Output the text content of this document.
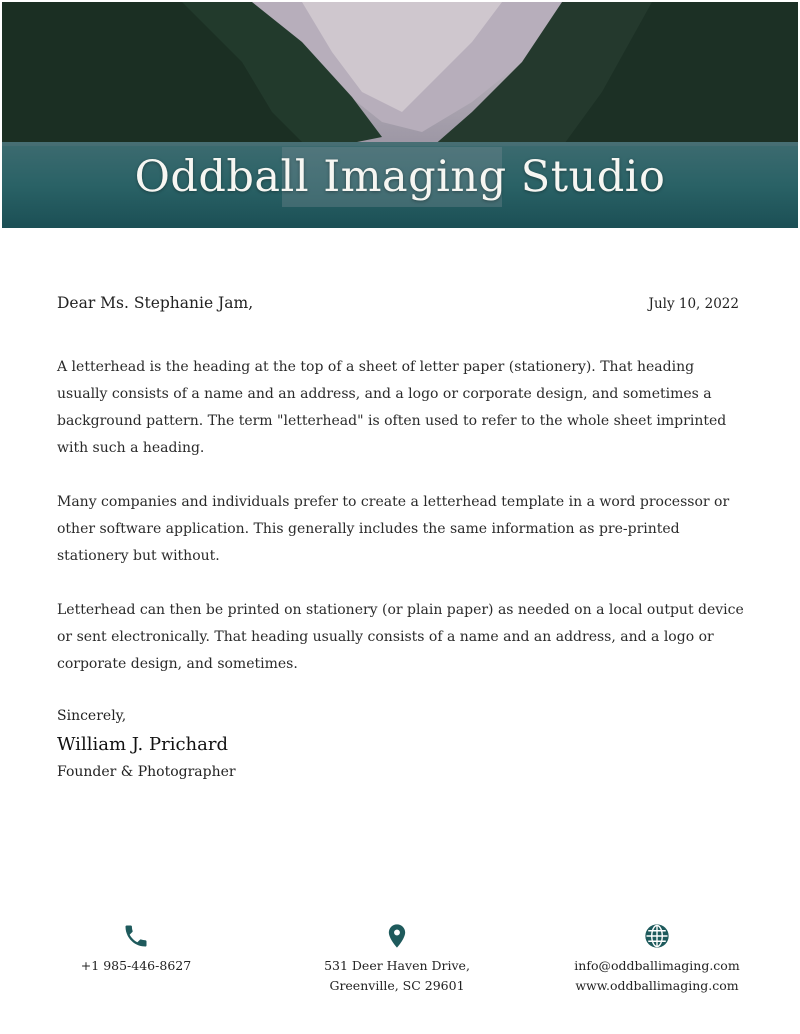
Oddball Imaging Studio
Dear Ms. Stephanie Jam,	July 10, 2022

A letterhead is the heading at the top of a sheet of letter paper (stationery). That heading usually consists of a name and an address, and a logo or corporate design, and sometimes a background pattern. The term "letterhead" is often used to refer to the whole sheet imprinted with such a heading.

Many companies and individuals prefer to create a letterhead template in a word processor or other software application. This generally includes the same information as pre-printed stationery but without.

Letterhead can then be printed on stationery (or plain paper) as needed on a local output device or sent electronically. That heading usually consists of a name and an address, and a logo or corporate design, and sometimes.

Sincerely,
William J. Prichard
Founder & Photographer
+1 985-446-8627	531 Deer Haven Drive,
Greenville, SC 29601
info@oddballimaging.com
www.oddballimaging.com
